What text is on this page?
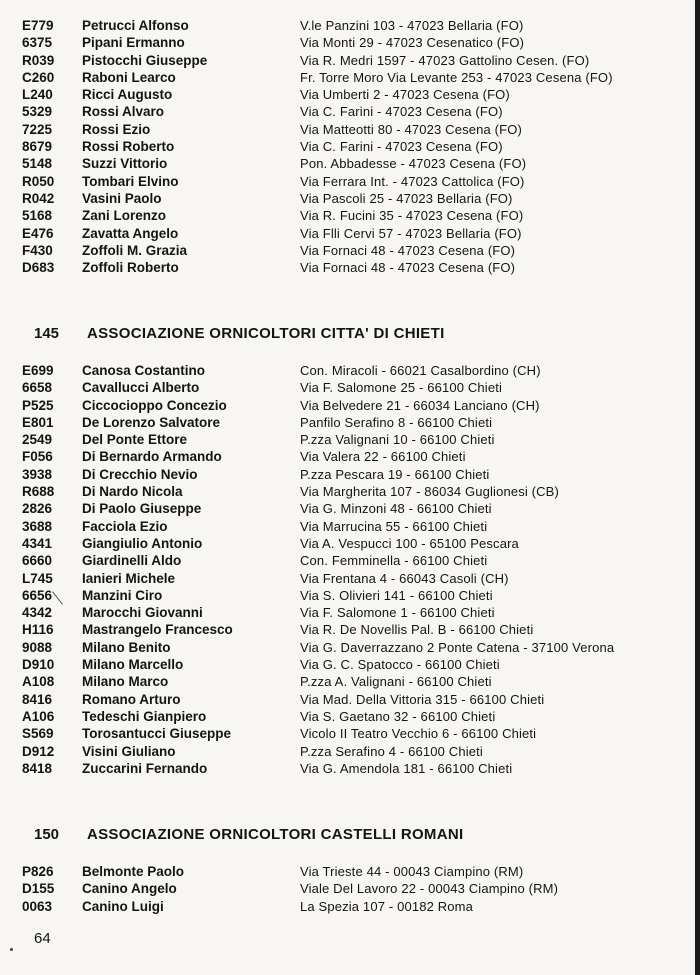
E779	Petrucci Alfonso	V.le Panzini 103 - 47023 Bellaria (FO)
6375	Pipani Ermanno	Via Monti 29 - 47023 Cesenatico (FO)
R039	Pistocchi Giuseppe	Via R. Medri 1597 - 47023 Gattolino Cesen. (FO)
C260	Raboni Learco	Fr. Torre Moro Via Levante 253 - 47023 Cesena (FO)
L240	Ricci Augusto	Via Umberti 2 - 47023 Cesena (FO)
5329	Rossi Alvaro	Via C. Farini - 47023 Cesena (FO)
7225	Rossi Ezio	Via Matteotti 80 - 47023 Cesena (FO)
8679	Rossi Roberto	Via C. Farini - 47023 Cesena (FO)
5148	Suzzi Vittorio	Pon. Abbadesse - 47023 Cesena (FO)
R050	Tombari Elvino	Via Ferrara Int. - 47023 Cattolica (FO)
R042	Vasini Paolo	Via Pascoli 25 - 47023 Bellaria (FO)
5168	Zani Lorenzo	Via R. Fucini 35 - 47023 Cesena (FO)
E476	Zavatta Angelo	Via Flli Cervi 57 - 47023 Bellaria (FO)
F430	Zoffoli M. Grazia	Via Fornaci 48 - 47023 Cesena (FO)
D683	Zoffoli Roberto	Via Fornaci 48 - 47023 Cesena (FO)
145 ASSOCIAZIONE ORNICOLTORI CITTA' DI CHIETI
E699	Canosa Costantino	Con. Miracoli - 66021 Casalbordino (CH)
6658	Cavallucci Alberto	Via F. Salomone 25 - 66100 Chieti
P525	Ciccocioppo Concezio	Via Belvedere 21 - 66034 Lanciano (CH)
E801	De Lorenzo Salvatore	Panfilo Serafino 8 - 66100 Chieti
2549	Del Ponte Ettore	P.zza Valignani 10 - 66100 Chieti
F056	Di Bernardo Armando	Via Valera 22 - 66100 Chieti
3938	Di Crecchio Nevio	P.zza Pescara 19 - 66100 Chieti
R688	Di Nardo Nicola	Via Margherita 107 - 86034 Guglionesi (CB)
2826	Di Paolo Giuseppe	Via G. Minzoni 48 - 66100 Chieti
3688	Facciola Ezio	Via Marrucina 55 - 66100 Chieti
4341	Giangiulio Antonio	Via A. Vespucci 100 - 65100 Pescara
6660	Giardinelli Aldo	Con. Femminella - 66100 Chieti
L745	Ianieri Michele	Via Frentana 4 - 66043 Casoli (CH)
6656	Manzini Ciro	Via S. Olivieri 141 - 66100 Chieti
4342	Marocchi Giovanni	Via F. Salomone 1 - 66100 Chieti
H116	Mastrangelo Francesco	Via R. De Novellis Pal. B - 66100 Chieti
9088	Milano Benito	Via G. Daverrazzano 2 Ponte Catena - 37100 Verona
D910	Milano Marcello	Via G. C. Spatocco - 66100 Chieti
A108	Milano Marco	P.zza A. Valignani - 66100 Chieti
8416	Romano Arturo	Via Mad. Della Vittoria 315 - 66100 Chieti
A106	Tedeschi Gianpiero	Via S. Gaetano 32 - 66100 Chieti
S569	Torosantucci Giuseppe	Vicolo II Teatro Vecchio 6 - 66100 Chieti
D912	Visini Giuliano	P.zza Serafino 4 - 66100 Chieti
8418	Zuccarini Fernando	Via G. Amendola 181 - 66100 Chieti
150 ASSOCIAZIONE ORNICOLTORI CASTELLI ROMANI
P826	Belmonte Paolo	Via Trieste 44 - 00043 Ciampino (RM)
D155	Canino Angelo	Viale Del Lavoro 22 - 00043 Ciampino (RM)
0063	Canino Luigi	La Spezia 107 - 00182 Roma
64
